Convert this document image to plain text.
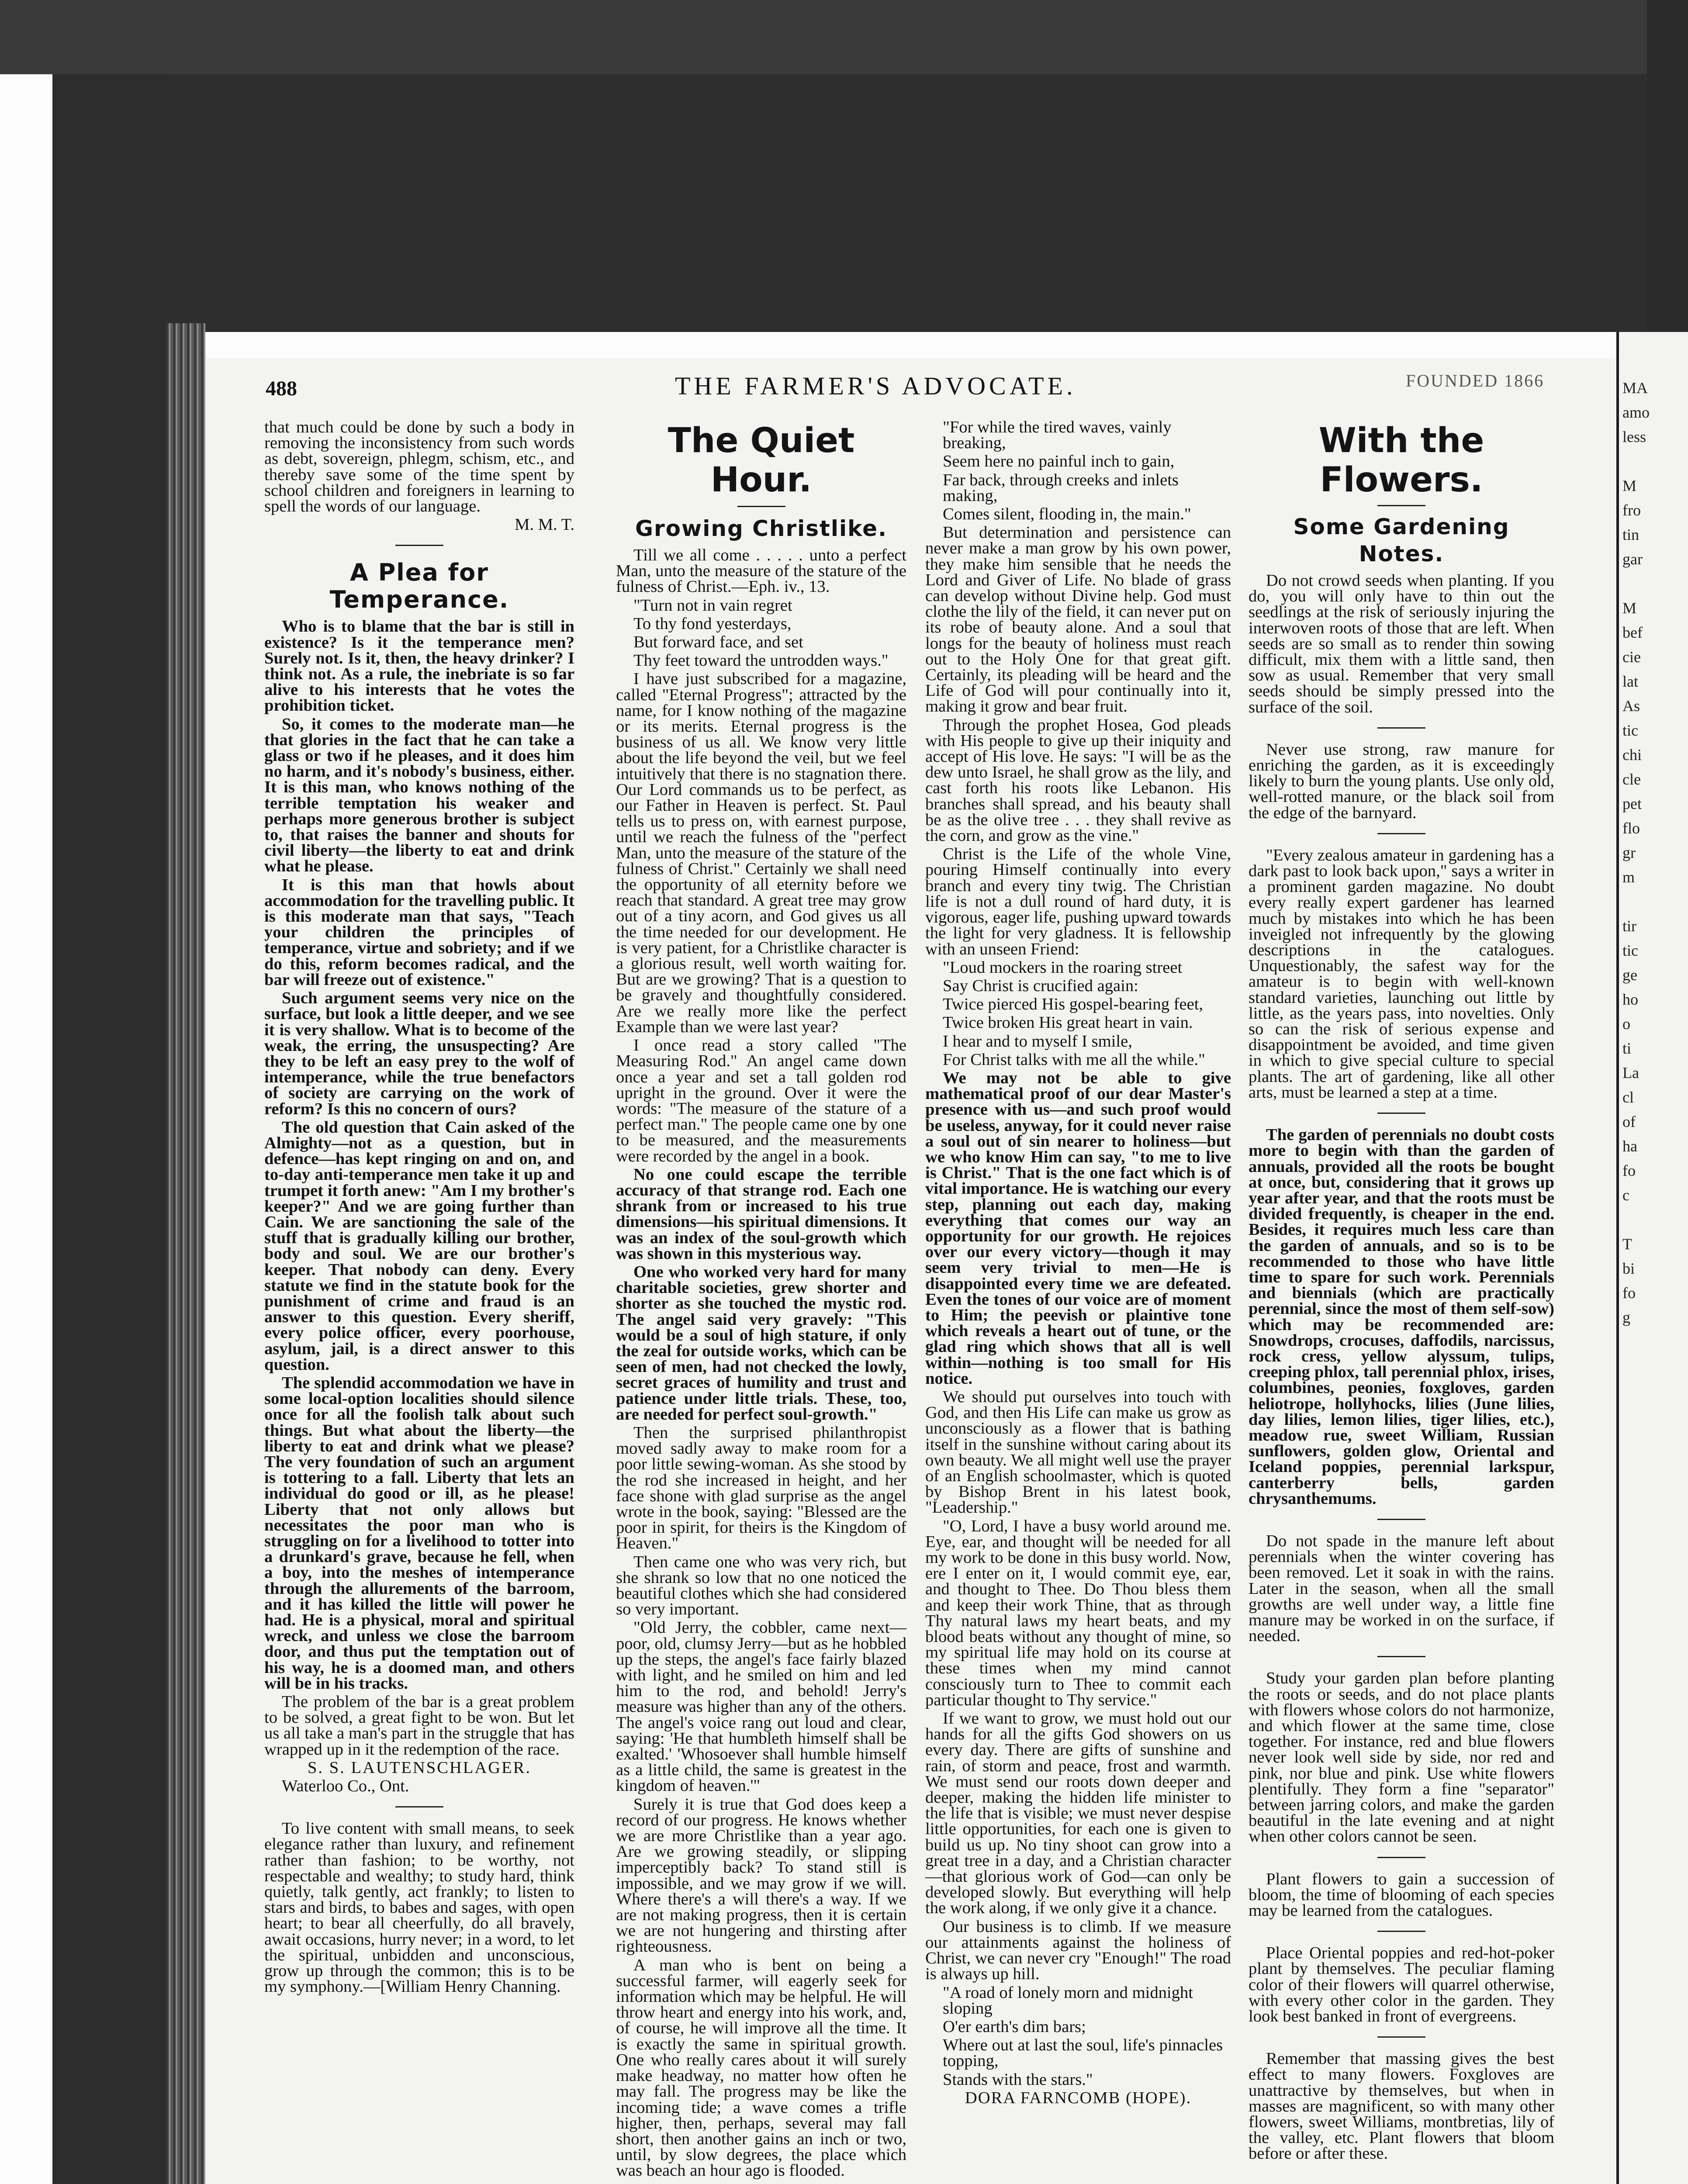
488	THE FARMER'S ADVOCATE.	FOUNDED 1866

that much could be done by such a body in removing the inconsistency from such words as debt, sovereign, phlegm, schism, etc., and thereby save some of the time spent by school children and foreigners in learning to spell the words of our language.

M. M. T.

A Plea for Temperance.

Who is to blame that the bar is still in existence? Is it the temperance men? Surely not. Is it, then, the heavy drinker? I think not. As a rule, the inebriate is so far alive to his interests that he votes the prohibition ticket.

So, it comes to the moderate man—he that glories in the fact that he can take a glass or two if he pleases, and it does him no harm, and it's nobody's business, either. It is this man, who knows nothing of the terrible temptation his weaker and perhaps more generous brother is subject to, that raises the banner and shouts for civil liberty—the liberty to eat and drink what he please.

It is this man that howls about accommodation for the travelling public. It is this moderate man that says, "Teach your children the principles of temperance, virtue and sobriety; and if we do this, reform becomes radical, and the bar will freeze out of existence."

Such argument seems very nice on the surface, but look a little deeper, and we see it is very shallow. What is to become of the weak, the erring, the unsuspecting? Are they to be left an easy prey to the wolf of intemperance, while the true benefactors of society are carrying on the work of reform? Is this no concern of ours?

The old question that Cain asked of the Almighty—not as a question, but in defence—has kept ringing on and on, and to-day anti-temperance men take it up and trumpet it forth anew: "Am I my brother's keeper?" And we are going further than Cain. We are sanctioning the sale of the stuff that is gradually killing our brother, body and soul. We are our brother's keeper. That nobody can deny. Every statute we find in the statute book for the punishment of crime and fraud is an answer to this question. Every sheriff, every police officer, every poorhouse, asylum, jail, is a direct answer to this question.

The splendid accommodation we have in some local-option localities should silence once for all the foolish talk about such things. But what about the liberty—the liberty to eat and drink what we please? The very foundation of such an argument is tottering to a fall. Liberty that lets an individual do good or ill, as he please! Liberty that not only allows but necessitates the poor man who is struggling on for a livelihood to totter into a drunkard's grave, because he fell, when a boy, into the meshes of intemperance through the allurements of the barroom, and it has killed the little will power he had. He is a physical, moral and spiritual wreck, and unless we close the barroom door, and thus put the temptation out of his way, he is a doomed man, and others will be in his tracks.

The problem of the bar is a great problem to be solved, a great fight to be won. But let us all take a man's part in the struggle that has wrapped up in it the redemption of the race.

S. S. LAUTENSCHLAGER.

Waterloo Co., Ont.

To live content with small means, to seek elegance rather than luxury, and refinement rather than fashion; to be worthy, not respectable and wealthy; to study hard, think quietly, talk gently, act frankly; to listen to stars and birds, to babes and sages, with open heart; to bear all cheerfully, do all bravely, await occasions, hurry never; in a word, to let the spiritual, unbidden and unconscious, grow up through the common; this is to be my symphony.—[William Henry Channing.

The Quiet Hour.
Growing Christlike.

Till we all come . . . . . unto a perfect Man, unto the measure of the stature of the fulness of Christ.—Eph. iv., 13.

"Turn not in vain regret

To thy fond yesterdays,

But forward face, and set

Thy feet toward the untrodden ways."

I have just subscribed for a magazine, called "Eternal Progress"; attracted by the name, for I know nothing of the magazine or its merits. Eternal progress is the business of us all. We know very little about the life beyond the veil, but we feel intuitively that there is no stagnation there. Our Lord commands us to be perfect, as our Father in Heaven is perfect. St. Paul tells us to press on, with earnest purpose, until we reach the fulness of the "perfect Man, unto the measure of the stature of the fulness of Christ." Certainly we shall need the opportunity of all eternity before we reach that standard. A great tree may grow out of a tiny acorn, and God gives us all the time needed for our development. He is very patient, for a Christlike character is a glorious result, well worth waiting for. But are we growing? That is a question to be gravely and thoughtfully considered. Are we really more like the perfect Example than we were last year?

I once read a story called "The Measuring Rod." An angel came down once a year and set a tall golden rod upright in the ground. Over it were the words: "The measure of the stature of a perfect man." The people came one by one to be measured, and the measurements were recorded by the angel in a book.

No one could escape the terrible accuracy of that strange rod. Each one shrank from or increased to his true dimensions—his spiritual dimensions. It was an index of the soul-growth which was shown in this mysterious way.

One who worked very hard for many charitable societies, grew shorter and shorter as she touched the mystic rod. The angel said very gravely: "This would be a soul of high stature, if only the zeal for outside works, which can be seen of men, had not checked the lowly, secret graces of humility and trust and patience under little trials. These, too, are needed for perfect soul-growth."

Then the surprised philanthropist moved sadly away to make room for a poor little sewing-woman. As she stood by the rod she increased in height, and her face shone with glad surprise as the angel wrote in the book, saying: "Blessed are the poor in spirit, for theirs is the Kingdom of Heaven."

Then came one who was very rich, but she shrank so low that no one noticed the beautiful clothes which she had considered so very important.

"Old Jerry, the cobbler, came next—poor, old, clumsy Jerry—but as he hobbled up the steps, the angel's face fairly blazed with light, and he smiled on him and led him to the rod, and behold! Jerry's measure was higher than any of the others. The angel's voice rang out loud and clear, saying: 'He that humbleth himself shall be exalted.' 'Whosoever shall humble himself as a little child, the same is greatest in the kingdom of heaven.'"

Surely it is true that God does keep a record of our progress. He knows whether we are more Christlike than a year ago. Are we growing steadily, or slipping imperceptibly back? To stand still is impossible, and we may grow if we will. Where there's a will there's a way. If we are not making progress, then it is certain we are not hungering and thirsting after righteousness.

A man who is bent on being a successful farmer, will eagerly seek for information which may be helpful. He will throw heart and energy into his work, and, of course, he will improve all the time. It is exactly the same in spiritual growth. One who really cares about it will surely make headway, no matter how often he may fall. The progress may be like the incoming tide; a wave comes a trifle higher, then, perhaps, several may fall short, then another gains an inch or two, until, by slow degrees, the place which was beach an hour ago is flooded.

"For while the tired waves, vainly breaking,

Seem here no painful inch to gain,

Far back, through creeks and inlets making,

Comes silent, flooding in, the main."

But determination and persistence can never make a man grow by his own power, they make him sensible that he needs the Lord and Giver of Life. No blade of grass can develop without Divine help. God must clothe the lily of the field, it can never put on its robe of beauty alone. And a soul that longs for the beauty of holiness must reach out to the Holy One for that great gift. Certainly, its pleading will be heard and the Life of God will pour continually into it, making it grow and bear fruit.

Through the prophet Hosea, God pleads with His people to give up their iniquity and accept of His love. He says: "I will be as the dew unto Israel, he shall grow as the lily, and cast forth his roots like Lebanon. His branches shall spread, and his beauty shall be as the olive tree . . . they shall revive as the corn, and grow as the vine."

Christ is the Life of the whole Vine, pouring Himself continually into every branch and every tiny twig. The Christian life is not a dull round of hard duty, it is vigorous, eager life, pushing upward towards the light for very gladness. It is fellowship with an unseen Friend:

"Loud mockers in the roaring street

Say Christ is crucified again:

Twice pierced His gospel-bearing feet,

Twice broken His great heart in vain.

I hear and to myself I smile,

For Christ talks with me all the while."

We may not be able to give mathematical proof of our dear Master's presence with us—and such proof would be useless, anyway, for it could never raise a soul out of sin nearer to holiness—but we who know Him can say, "to me to live is Christ." That is the one fact which is of vital importance. He is watching our every step, planning out each day, making everything that comes our way an opportunity for our growth. He rejoices over our every victory—though it may seem very trivial to men—He is disappointed every time we are defeated. Even the tones of our voice are of moment to Him; the peevish or plaintive tone which reveals a heart out of tune, or the glad ring which shows that all is well within—nothing is too small for His notice.

We should put ourselves into touch with God, and then His Life can make us grow as unconsciously as a flower that is bathing itself in the sunshine without caring about its own beauty. We all might well use the prayer of an English schoolmaster, which is quoted by Bishop Brent in his latest book, "Leadership."

"O, Lord, I have a busy world around me. Eye, ear, and thought will be needed for all my work to be done in this busy world. Now, ere I enter on it, I would commit eye, ear, and thought to Thee. Do Thou bless them and keep their work Thine, that as through Thy natural laws my heart beats, and my blood beats without any thought of mine, so my spiritual life may hold on its course at these times when my mind cannot consciously turn to Thee to commit each particular thought to Thy service."

If we want to grow, we must hold out our hands for all the gifts God showers on us every day. There are gifts of sunshine and rain, of storm and peace, frost and warmth. We must send our roots down deeper and deeper, making the hidden life minister to the life that is visible; we must never despise little opportunities, for each one is given to build us up. No tiny shoot can grow into a great tree in a day, and a Christian character—that glorious work of God—can only be developed slowly. But everything will help the work along, if we only give it a chance.

Our business is to climb. If we measure our attainments against the holiness of Christ, we can never cry "Enough!" The road is always up hill.

"A road of lonely morn and midnight sloping

O'er earth's dim bars;

Where out at last the soul, life's pinnacles topping,

Stands with the stars."

DORA FARNCOMB (HOPE).

With the Flowers.
Some Gardening Notes.

Do not crowd seeds when planting. If you do, you will only have to thin out the seedlings at the risk of seriously injuring the interwoven roots of those that are left. When seeds are so small as to render thin sowing difficult, mix them with a little sand, then sow as usual. Remember that very small seeds should be simply pressed into the surface of the soil.

Never use strong, raw manure for enriching the garden, as it is exceedingly likely to burn the young plants. Use only old, well-rotted manure, or the black soil from the edge of the barnyard.

"Every zealous amateur in gardening has a dark past to look back upon," says a writer in a prominent garden magazine. No doubt every really expert gardener has learned much by mistakes into which he has been inveigled not infrequently by the glowing descriptions in the catalogues. Unquestionably, the safest way for the amateur is to begin with well-known standard varieties, launching out little by little, as the years pass, into novelties. Only so can the risk of serious expense and disappointment be avoided, and time given in which to give special culture to special plants. The art of gardening, like all other arts, must be learned a step at a time.

The garden of perennials no doubt costs more to begin with than the garden of annuals, provided all the roots be bought at once, but, considering that it grows up year after year, and that the roots must be divided frequently, is cheaper in the end. Besides, it requires much less care than the garden of annuals, and so is to be recommended to those who have little time to spare for such work. Perennials and biennials (which are practically perennial, since the most of them self-sow) which may be recommended are: Snowdrops, crocuses, daffodils, narcissus, rock cress, yellow alyssum, tulips, creeping phlox, tall perennial phlox, irises, columbines, peonies, foxgloves, garden heliotrope, hollyhocks, lilies (June lilies, day lilies, lemon lilies, tiger lilies, etc.), meadow rue, sweet William, Russian sunflowers, golden glow, Oriental and Iceland poppies, perennial larkspur, canterberry bells, garden chrysanthemums.

Do not spade in the manure left about perennials when the winter covering has been removed. Let it soak in with the rains. Later in the season, when all the small growths are well under way, a little fine manure may be worked in on the surface, if needed.

Study your garden plan before planting the roots or seeds, and do not place plants with flowers whose colors do not harmonize, and which flower at the same time, close together. For instance, red and blue flowers never look well side by side, nor red and pink, nor blue and pink. Use white flowers plentifully. They form a fine "separator" between jarring colors, and make the garden beautiful in the late evening and at night when other colors cannot be seen.

Plant flowers to gain a succession of bloom, the time of blooming of each species may be learned from the catalogues.

Place Oriental poppies and red-hot-poker plant by themselves. The peculiar flaming color of their flowers will quarrel otherwise, with every other color in the garden. They look best banked in front of evergreens.

Remember that massing gives the best effect to many flowers. Foxgloves are unattractive by themselves, but when in masses are magnificent, so with many other flowers, sweet Williams, montbretias, lily of the valley, etc. Plant flowers that bloom before or after these.

MA
amo
less
M
fro
tin
gar
M
bef
cie
lat
As
tic
chi
cle
pet
flo
gr
m
tir
tic
ge
ho
o
ti
La
cl
of
ha
fo
c
T
bi
fo
g
